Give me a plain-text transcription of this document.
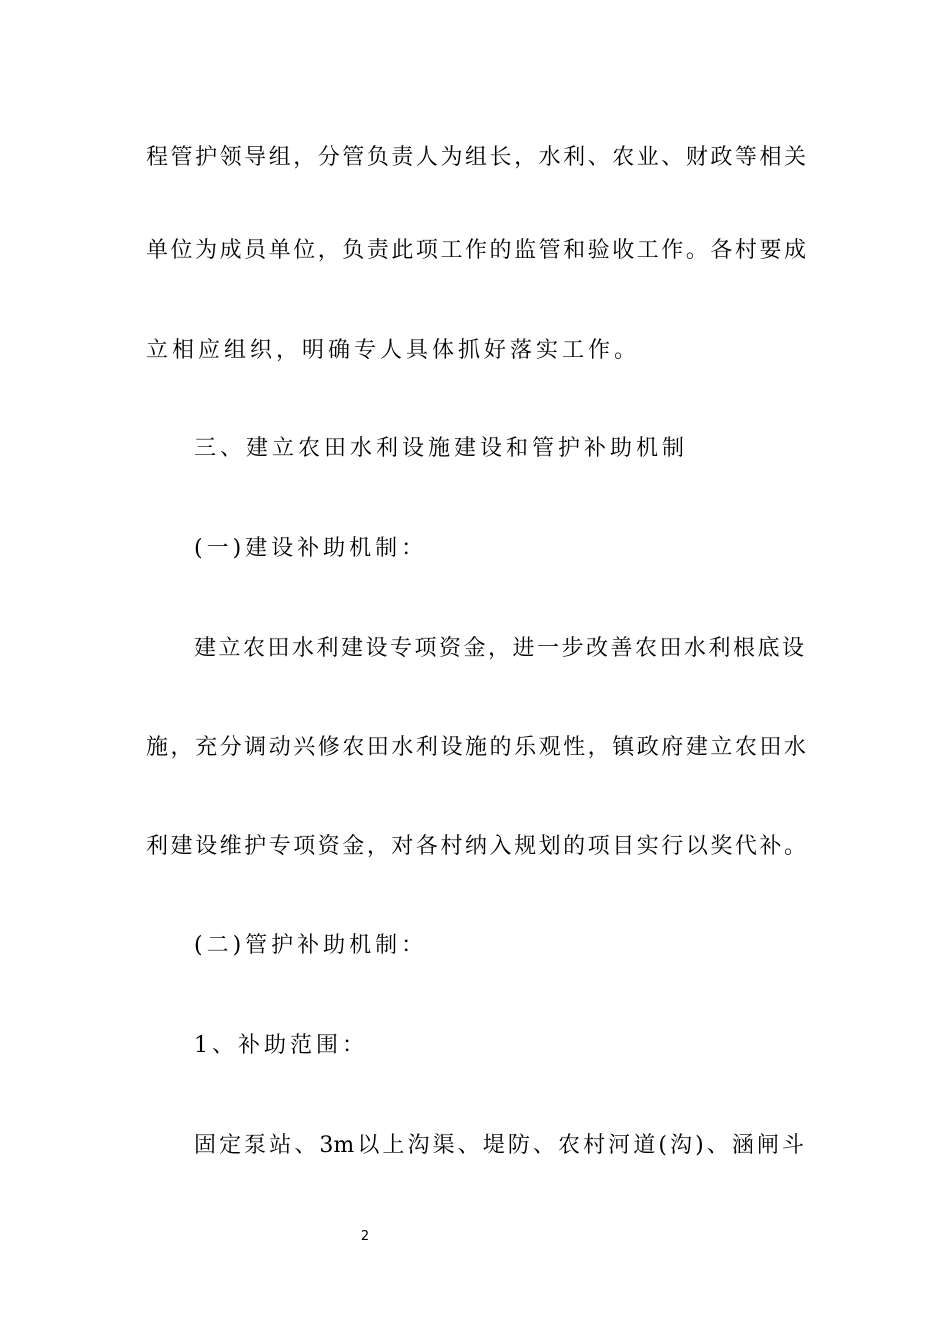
程管护领导组，分管负责人为组长，水利、农业、财政等相关
单位为成员单位，负责此项工作的监管和验收工作。各村要成
立相应组织，明确专人具体抓好落实工作。
三、建立农田水利设施建设和管护补助机制
(一)建设补助机制：
建立农田水利建设专项资金，进一步改善农田水利根底设
施，充分调动兴修农田水利设施的乐观性，镇政府建立农田水
利建设维护专项资金，对各村纳入规划的项目实行以奖代补。
(二)管护补助机制：
1、补助范围：
固定泵站、3m以上沟渠、堤防、农村河道(沟)、涵闸斗
2
